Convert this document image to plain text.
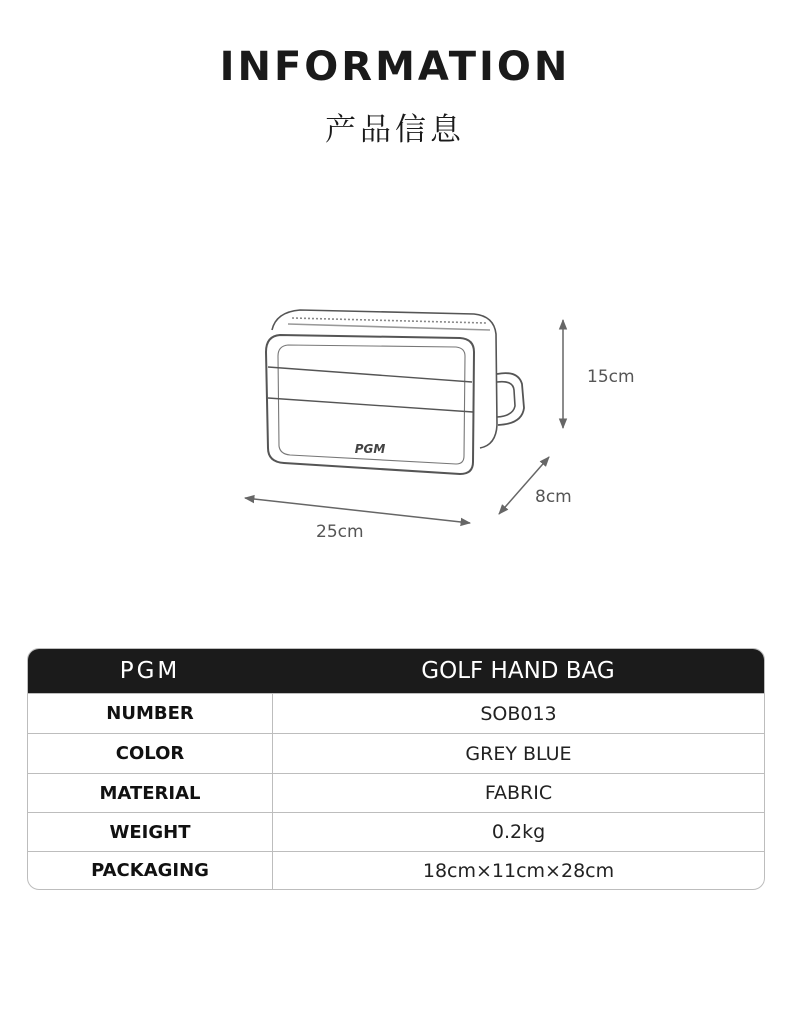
INFORMATION
产品信息
PGM
15cm
8cm
25cm
PGM	GOLF HAND BAG
NUMBER	SOB013
COLOR	GREY BLUE
MATERIAL	FABRIC
WEIGHT	0.2kg
PACKAGING	18cm×11cm×28cm
